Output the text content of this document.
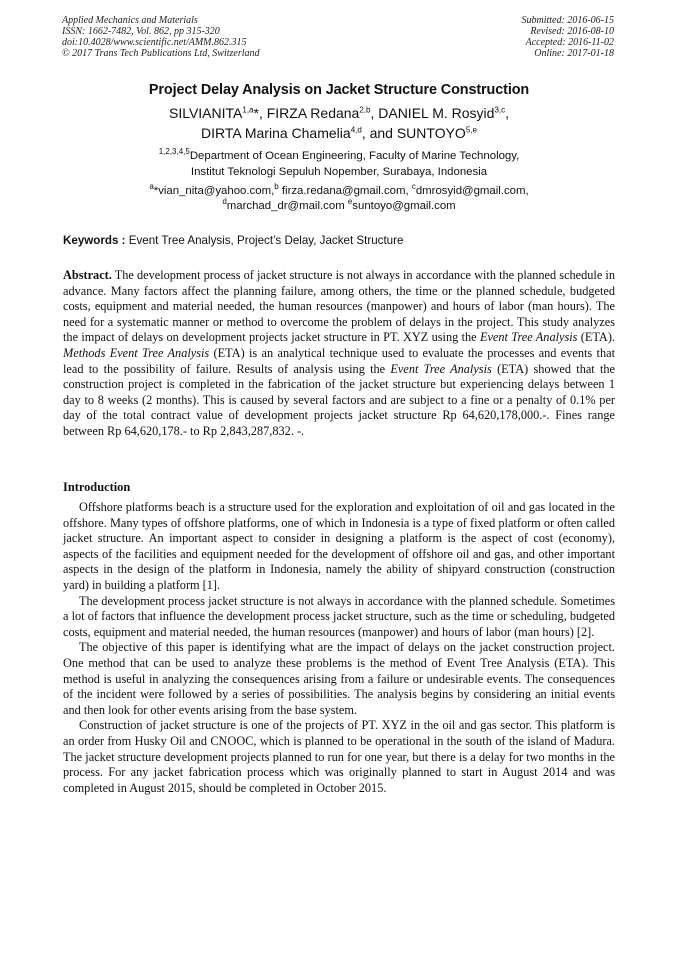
Applied Mechanics and Materials
ISSN: 1662-7482, Vol. 862, pp 315-320
doi:10.4028/www.scientific.net/AMM.862.315
© 2017 Trans Tech Publications Ltd, Switzerland
Submitted: 2016-06-15
Revised: 2016-08-10
Accepted: 2016-11-02
Online: 2017-01-18
Project Delay Analysis on Jacket Structure Construction
SILVIANITA$^{1,a}$*, FIRZA Redana$^{2,b}$, DANIEL M. Rosyid$^{3,c}$,
DIRTA Marina Chamelia$^{4,d}$, and SUNTOYO$^{5,e}$
$^{1,2,3,4,5}$Department of Ocean Engineering, Faculty of Marine Technology,
Institut Teknologi Sepuluh Nopember, Surabaya, Indonesia
$^a$*vian_nita@yahoo.com,$^b$ firza.redana@gmail.com, $^c$dmrosyid@gmail.com,
$^d$marchad_dr@mail.com $^e$suntoyo@gmail.com
Keywords : Event Tree Analysis, Project’s Delay, Jacket Structure
Abstract. The development process of jacket structure is not always in accordance with the planned schedule in advance. Many factors affect the planning failure, among others, the time or the planned schedule, budgeted costs, equipment and material needed, the human resources (manpower) and hours of labor (man hours). The need for a systematic manner or method to overcome the problem of delays in the project. This study analyzes the impact of delays on development projects jacket structure in PT. XYZ using the Event Tree Analysis (ETA). Methods Event Tree Analysis (ETA) is an analytical technique used to evaluate the processes and events that lead to the possibility of failure. Results of analysis using the Event Tree Analysis (ETA) showed that the construction project is completed in the fabrication of the jacket structure but experiencing delays between 1 day to 8 weeks (2 months). This is caused by several factors and are subject to a fine or a penalty of 0.1% per day of the total contract value of development projects jacket structure Rp 64,620,178,000.-. Fines range between Rp 64,620,178.- to Rp 2,843,287,832. -.
Introduction

Offshore platforms beach is a structure used for the exploration and exploitation of oil and gas located in the offshore. Many types of offshore platforms, one of which in Indonesia is a type of fixed platform or often called jacket structure. An important aspect to consider in designing a platform is the aspect of cost (economy), aspects of the facilities and equipment needed for the development of offshore oil and gas, and other important aspects in the design of the platform in Indonesia, namely the ability of shipyard construction (construction yard) in building a platform [1].

The development process jacket structure is not always in accordance with the planned schedule. Sometimes a lot of factors that influence the development process jacket structure, such as the time or scheduling, budgeted costs, equipment and material needed, the human resources (manpower) and hours of labor (man hours) [2].

The objective of this paper is identifying what are the impact of delays on the jacket construction project. One method that can be used to analyze these problems is the method of Event Tree Analysis (ETA). This method is useful in analyzing the consequences arising from a failure or undesirable events. The consequences of the incident were followed by a series of possibilities. The analysis begins by considering an initial events and then look for other events arising from the base system.

Construction of jacket structure is one of the projects of PT. XYZ in the oil and gas sector. This platform is an order from Husky Oil and CNOOC, which is planned to be operational in the south of the island of Madura. The jacket structure development projects planned to run for one year, but there is a delay for two months in the process. For any jacket fabrication process which was originally planned to start in August 2014 and was completed in August 2015, should be completed in October 2015.
